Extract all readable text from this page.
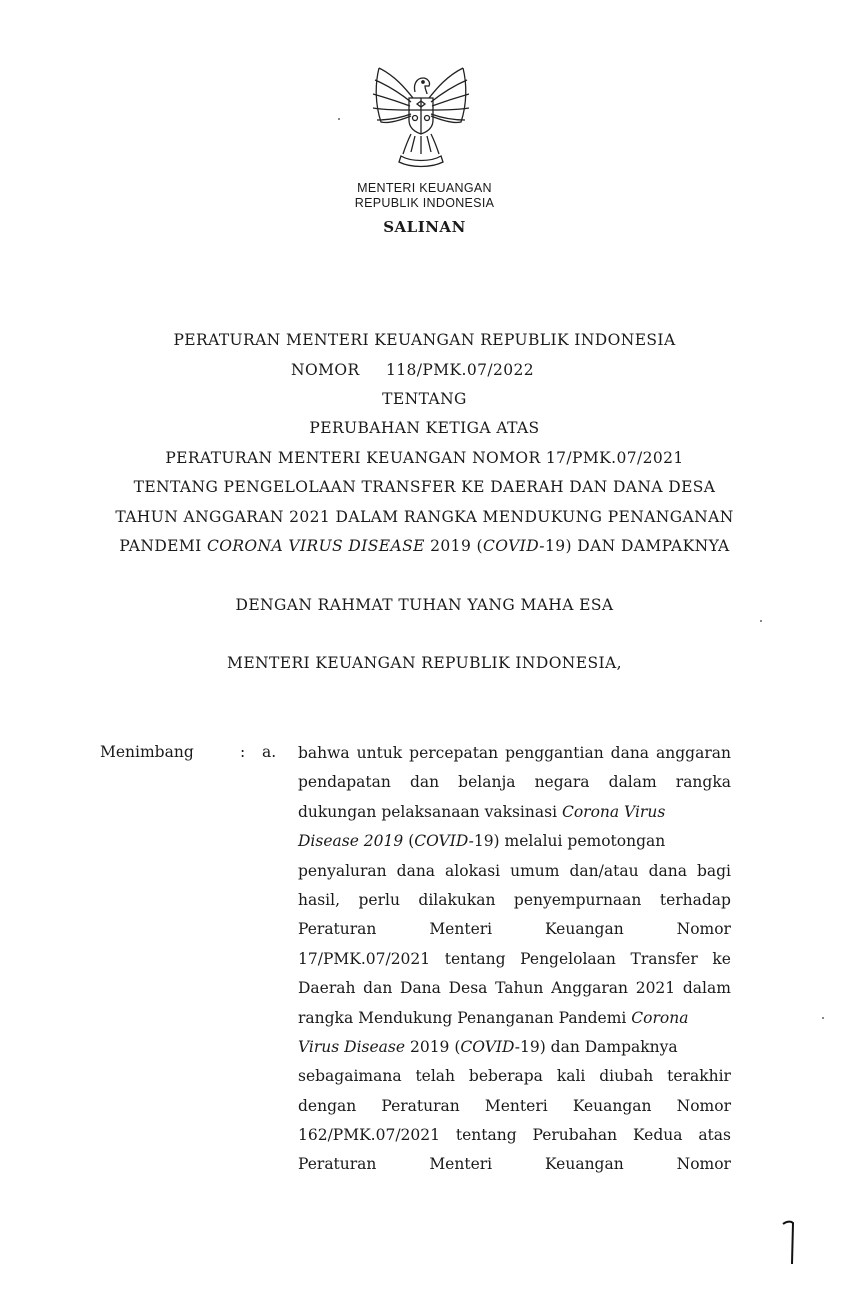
MENTERI KEUANGAN
REPUBLIK INDONESIA
SALINAN
PERATURAN MENTERI KEUANGAN REPUBLIK INDONESIA
NOMOR 118/PMK.07/2022
TENTANG
PERUBAHAN KETIGA ATAS
PERATURAN MENTERI KEUANGAN NOMOR 17/PMK.07/2021
TENTANG PENGELOLAAN TRANSFER KE DAERAH DAN DANA DESA
TAHUN ANGGARAN 2021 DALAM RANGKA MENDUKUNG PENANGANAN
PANDEMI CORONA VIRUS DISEASE 2019 (COVID-19) DAN DAMPAKNYA
DENGAN RAHMAT TUHAN YANG MAHA ESA
MENTERI KEUANGAN REPUBLIK INDONESIA,
Menimbang	: a. bahwa untuk percepatan penggantian dana anggaran
pendapatan dan belanja negara dalam rangka
dukungan pelaksanaan vaksinasi Corona Virus
Disease 2019 (COVID-19) melalui pemotongan
penyaluran dana alokasi umum dan/atau dana bagi
hasil, perlu dilakukan penyempurnaan terhadap
Peraturan	Menteri	Keuangan	Nomor
17/PMK.07/2021 tentang Pengelolaan Transfer ke
Daerah dan Dana Desa Tahun Anggaran 2021 dalam
rangka Mendukung Penanganan Pandemi Corona
Virus Disease 2019 (COVID-19) dan Dampaknya
sebagaimana telah beberapa kali diubah terakhir
dengan Peraturan Menteri Keuangan Nomor
162/PMK.07/2021 tentang Perubahan Kedua atas
Peraturan	Menteri	Keuangan	Nomor
